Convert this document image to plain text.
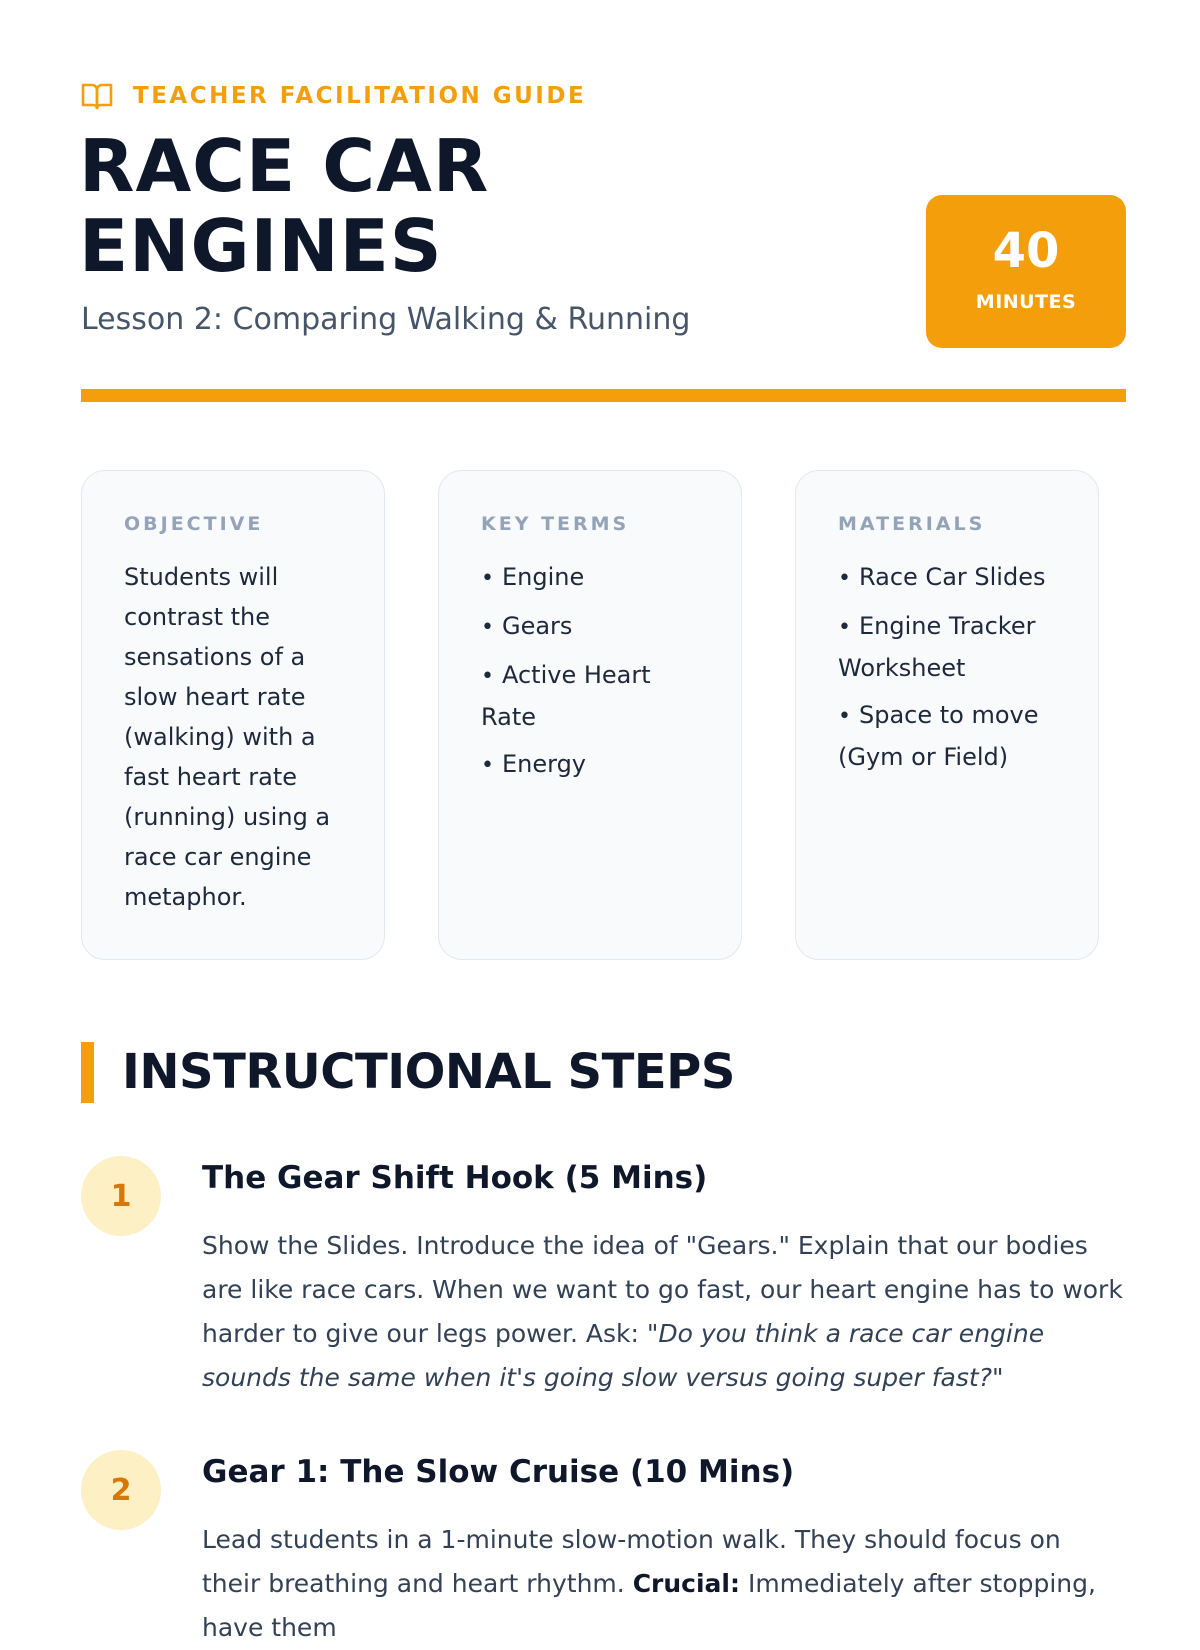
TEACHER FACILITATION GUIDE
RACE CAR ENGINES
Lesson 2: Comparing Walking & Running
40
MINUTES
OBJECTIVE

Students will contrast the sensations of a slow heart rate (walking) with a fast heart rate (running) using a race car engine metaphor.

KEY TERMS
• Engine
• Gears
• Active Heart Rate
• Energy
MATERIALS
• Race Car Slides
• Engine Tracker Worksheet
• Space to move (Gym or Field)
INSTRUCTIONAL STEPS
1	The Gear Shift Hook (5 Mins)

Show the Slides. Introduce the idea of "Gears." Explain that our bodies are like race cars. When we want to go fast, our heart engine has to work harder to give our legs power. Ask: "Do you think a race car engine sounds the same when it's going slow versus going super fast?"

2	Gear 1: The Slow Cruise (10 Mins)

Lead students in a 1-minute slow-motion walk. They should focus on their breathing and heart rhythm. Crucial: Immediately after stopping, have them
